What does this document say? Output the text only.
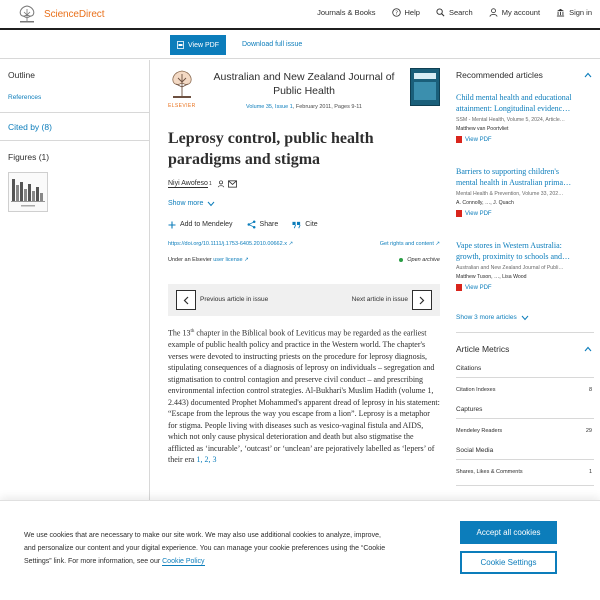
ScienceDirect	Journals & Books	? Help	Search	My account	Sign in
View PDF	Download full issue
Outline
References
Cited by (8)
Figures (1)
ELSEVIER
Australian and New Zealand Journal of Public Health
Volume 35, Issue 1, February 2011, Pages 9-11
Leprosy control, public health paradigms and stigma
Niyi Awofeso 1
Show more
Add to Mendeley	Share	Cite
https://doi.org/10.1111/j.1753-6405.2010.00662.x ↗	Get rights and content ↗
Under an Elsevier user license ↗	Open archive
Previous article in issue	Next article in issue

The 13th chapter in the Biblical book of Leviticus may be regarded as the earliest example of public health policy and practice in the Western world. The chapter's verses were devoted to instructing priests on the procedure for leprosy diagnosis, stipulating consequences of a diagnosis of leprosy on individuals – segregation and stigmatisation to control contagion and preserve civil conduct – and prescribing environmental infection control strategies. Al-Bukhari's Muslim Hadith (volume 1, 2.443) documented Prophet Mohammed's apparent dread of leprosy in his statement: “Escape from the leprous the way you escape from a lion”. Leprosy is a metaphor for stigma. People living with diseases such as vesico-vaginal fistula and AIDS, which not only cause physical deterioration and death but also stigmatise the afflicted as ‘incurable’, ‘outcast’ or ‘unclean’ are pejoratively labelled as ‘lepers’ of their era 1, 2, 3

Recommended articles
Child mental health and educational
attainment: Longitudinal evidenc…
SSM - Mental Health, Volume 5, 2024, Article…
Matthew van Poortvliet
View PDF
Barriers to supporting children's
mental health in Australian prima…
Mental Health & Prevention, Volume 33, 202…
A. Connolly, …, J. Quach
View PDF
Vape stores in Western Australia:
growth, proximity to schools and…
Australian and New Zealand Journal of Publi…
Matthew Tuson, …, Lisa Wood
View PDF
Show 3 more articles
Article Metrics
Citations
Citation Indexes	8
Captures
Mendeley Readers	29
Social Media
Shares, Likes & Comments	1

We use cookies that are necessary to make our site work. We may also use additional cookies to analyze, improve, and personalize our content and your digital experience. You can manage your cookie preferences using the “Cookie Settings” link. For more information, see our Cookie Policy

Accept all cookies
Cookie Settings
